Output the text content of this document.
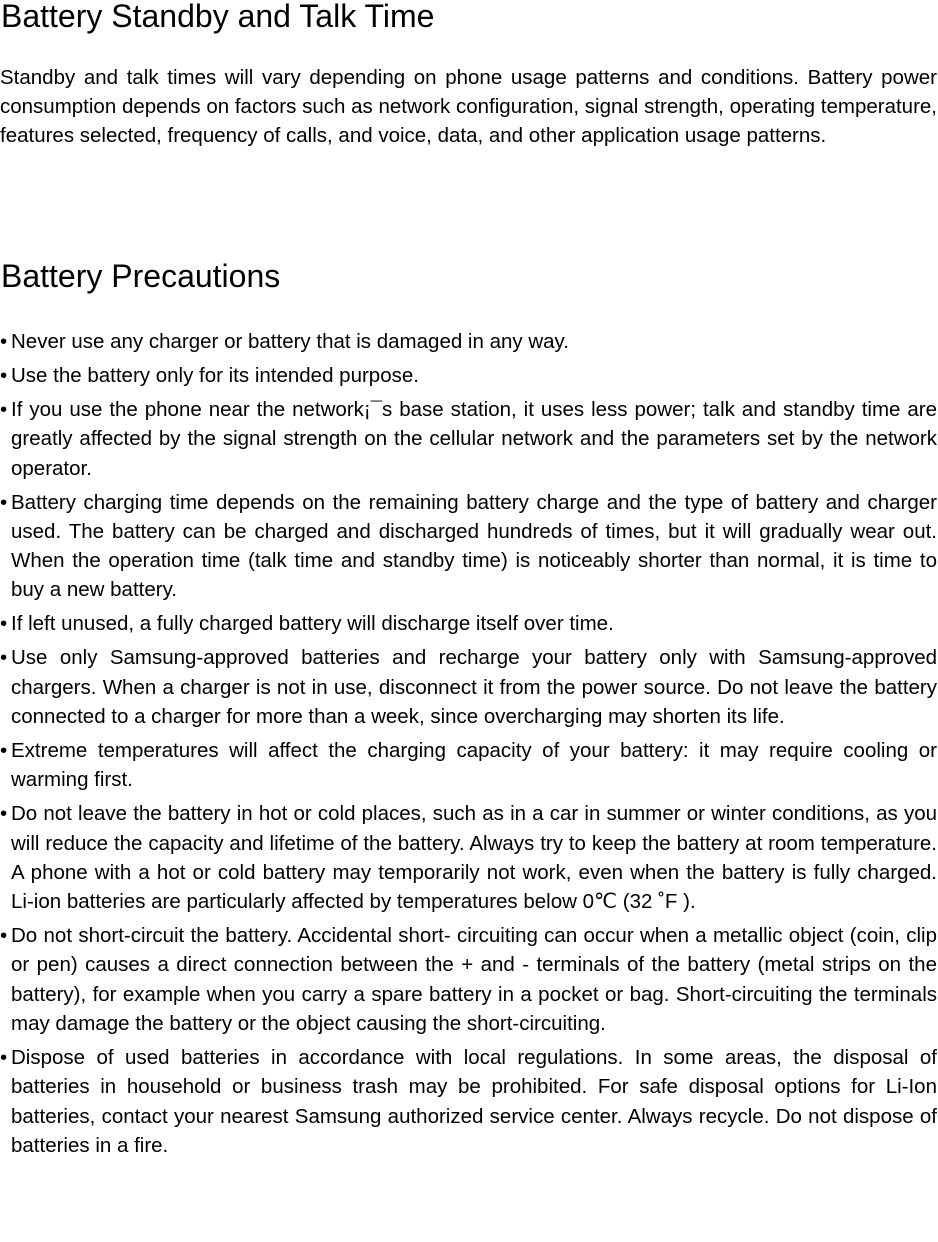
Battery Standby and Talk Time

Standby and talk times will vary depending on phone usage patterns and conditions. Battery power consumption depends on factors such as network configuration, signal strength, operating temperature, features selected, frequency of calls, and voice, data, and other application usage patterns.

Battery Precautions
• Never use any charger or battery that is damaged in any way.
• Use the battery only for its intended purpose.
• If you use the phone near the network¡¯s base station, it uses less power; talk and standby time are greatly affected by the signal strength on the cellular network and the parameters set by the network operator.
• Battery charging time depends on the remaining battery charge and the type of battery and charger used. The battery can be charged and discharged hundreds of times, but it will gradually wear out. When the operation time (talk time and standby time) is noticeably shorter than normal, it is time to buy a new battery.
• If left unused, a fully charged battery will discharge itself over time.
• Use only Samsung-approved batteries and recharge your battery only with Samsung-approved chargers. When a charger is not in use, disconnect it from the power source. Do not leave the battery connected to a charger for more than a week, since overcharging may shorten its life.
• Extreme temperatures will affect the charging capacity of your battery: it may require cooling or warming first.
• Do not leave the battery in hot or cold places, such as in a car in summer or winter conditions, as you will reduce the capacity and lifetime of the battery. Always try to keep the battery at room temperature. A phone with a hot or cold battery may temporarily not work, even when the battery is fully charged. Li-ion batteries are particularly affected by temperatures below 0℃ (32 ˚F ).
• Do not short-circuit the battery. Accidental short- circuiting can occur when a metallic object (coin, clip or pen) causes a direct connection between the + and - terminals of the battery (metal strips on the battery), for example when you carry a spare battery in a pocket or bag. Short-circuiting the terminals may damage the battery or the object causing the short-circuiting.
• Dispose of used batteries in accordance with local regulations. In some areas, the disposal of batteries in household or business trash may be prohibited. For safe disposal options for Li-Ion batteries, contact your nearest Samsung authorized service center. Always recycle. Do not dispose of batteries in a fire.
